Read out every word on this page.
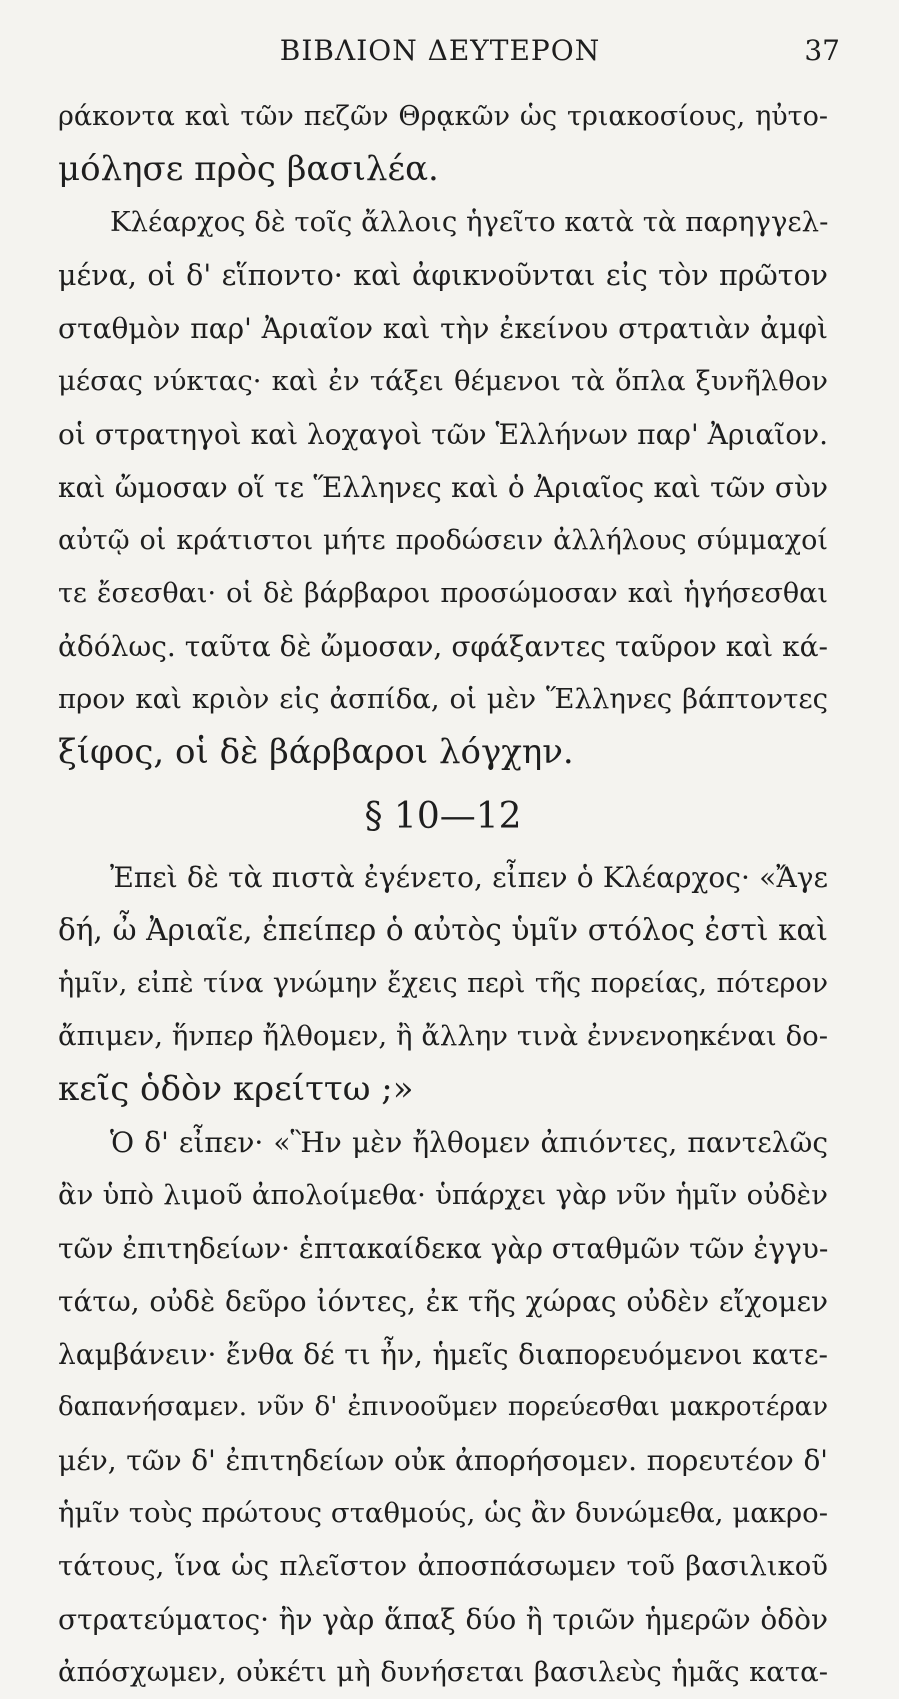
ΒΙΒΛΙΟΝ ΔΕΥΤΕΡΟΝ	37
ράκοντα καὶ τῶν πεζῶν Θρᾳκῶν ὡς τριακοσίους, ηὐτο-
μόλησε πρὸς βασιλέα.
Κλέαρχος δὲ τοῖς ἄλλοις ἡγεῖτο κατὰ τὰ παρηγγελ-
μένα, οἱ δ' εἵποντο· καὶ ἀφικνοῦνται εἰς τὸν πρῶτον
σταθμὸν παρ' Ἀριαῖον καὶ τὴν ἐκείνου στρατιὰν ἀμφὶ
μέσας νύκτας· καὶ ἐν τάξει θέμενοι τὰ ὅπλα ξυνῆλθον
οἱ στρατηγοὶ καὶ λοχαγοὶ τῶν Ἑλλήνων παρ' Ἀριαῖον.
καὶ ὤμοσαν οἵ τε Ἕλληνες καὶ ὁ Ἀριαῖος καὶ τῶν σὺν
αὐτῷ οἱ κράτιστοι μήτε προδώσειν ἀλλήλους σύμμαχοί
τε ἔσεσθαι· οἱ δὲ βάρβαροι προσώμοσαν καὶ ἡγήσεσθαι
ἀδόλως. ταῦτα δὲ ὤμοσαν, σφάξαντες ταῦρον καὶ κά-
προν καὶ κριὸν εἰς ἀσπίδα, οἱ μὲν Ἕλληνες βάπτοντες
ξίφος, οἱ δὲ βάρβαροι λόγχην.
§ 10—12
Ἐπεὶ δὲ τὰ πιστὰ ἐγένετο, εἶπεν ὁ Κλέαρχος· «Ἄγε
δή, ὦ Ἀριαῖε, ἐπείπερ ὁ αὐτὸς ὑμῖν στόλος ἐστὶ καὶ
ἡμῖν, εἰπὲ τίνα γνώμην ἔχεις περὶ τῆς πορείας, πότερον
ἄπιμεν, ἥνπερ ἤλθομεν, ἢ ἄλλην τινὰ ἐννενοηκέναι δο-
κεῖς ὁδὸν κρείττω ;»
Ὁ δ' εἶπεν· «Ἣν μὲν ἤλθομεν ἀπιόντες, παντελῶς
ἂν ὑπὸ λιμοῦ ἀπολοίμεθα· ὑπάρχει γὰρ νῦν ἡμῖν οὐδὲν
τῶν ἐπιτηδείων· ἑπτακαίδεκα γὰρ σταθμῶν τῶν ἐγγυ-
τάτω, οὐδὲ δεῦρο ἰόντες, ἐκ τῆς χώρας οὐδὲν εἴχομεν
λαμβάνειν· ἔνθα δέ τι ἦν, ἡμεῖς διαπορευόμενοι κατε-
δαπανήσαμεν. νῦν δ' ἐπινοοῦμεν πορεύεσθαι μακροτέραν
μέν, τῶν δ' ἐπιτηδείων οὐκ ἀπορήσομεν. πορευτέον δ'
ἡμῖν τοὺς πρώτους σταθμούς, ὡς ἂν δυνώμεθα, μακρο-
τάτους, ἵνα ὡς πλεῖστον ἀποσπάσωμεν τοῦ βασιλικοῦ
στρατεύματος· ἢν γὰρ ἅπαξ δύο ἢ τριῶν ἡμερῶν ὁδὸν
ἀπόσχωμεν, οὐκέτι μὴ δυνήσεται βασιλεὺς ἡμᾶς κατα-
